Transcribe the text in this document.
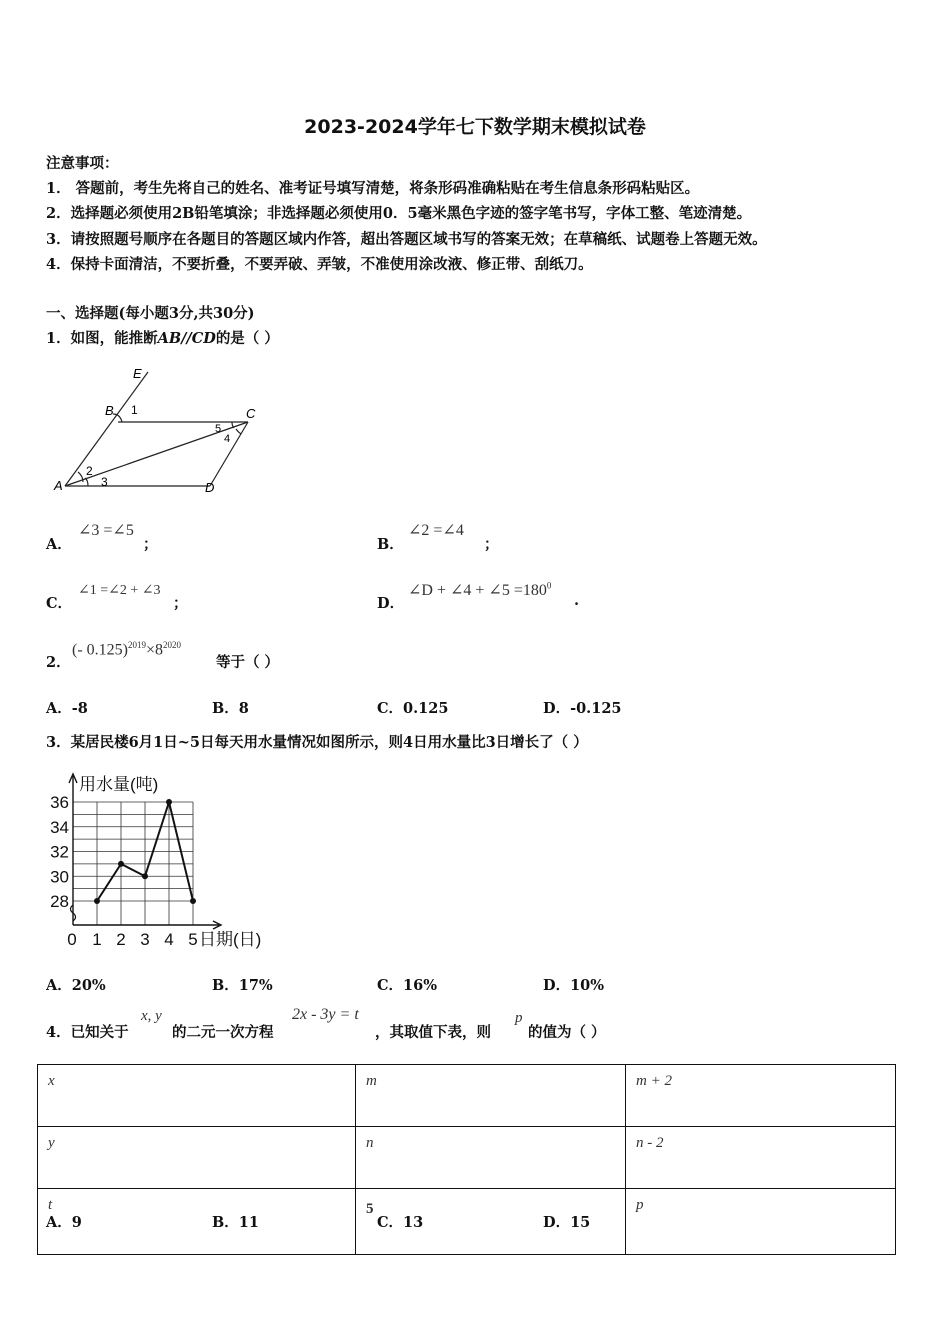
2023-2024学年七下数学期末模拟试卷
注意事项：
1． 答题前，考生先将自己的姓名、准考证号填写清楚，将条形码准确粘贴在考生信息条形码粘贴区。
2．选择题必须使用2B铅笔填涂；非选择题必须使用0．5毫米黑色字迹的签字笔书写，字体工整、笔迹清楚。
3．请按照题号顺序在各题目的答题区域内作答，超出答题区域书写的答案无效；在草稿纸、试题卷上答题无效。
4．保持卡面清洁，不要折叠，不要弄破、弄皱，不准使用涂改液、修正带、刮纸刀。
一、选择题(每小题3分,共30分)
1．如图，能推断AB//CD的是（ ）
E
B 1	C
5
4
2
A	3	D
A．
∠3 =∠5
；	B．
∠2 =∠4
；
C．
∠1 =∠2 + ∠3
；	D．
∠D + ∠4 + ∠5 $=180^0$
.
2．
(- $0.125)^{2019}\times 8^{2020}$
等于（ ）
A．-8	B．8	C．0.125	D．-0.125
3．某居民楼6月1日~5日每天用水量情况如图所示，则4日用水量比3日增长了（ ）
28
30
32
34
36
0 1 2 3 4 5
用水量(吨)
日期(日)
A．20%	B．17%	C．16%	D．10%
4．已知关于
x, y
的二元一次方程
2x - 3y = t
，其取值下表，则
p
的值为（ ）
x	m	m + 2
y	n	n - 2
t	5	p
A．9	B．11	C．13	D．15
